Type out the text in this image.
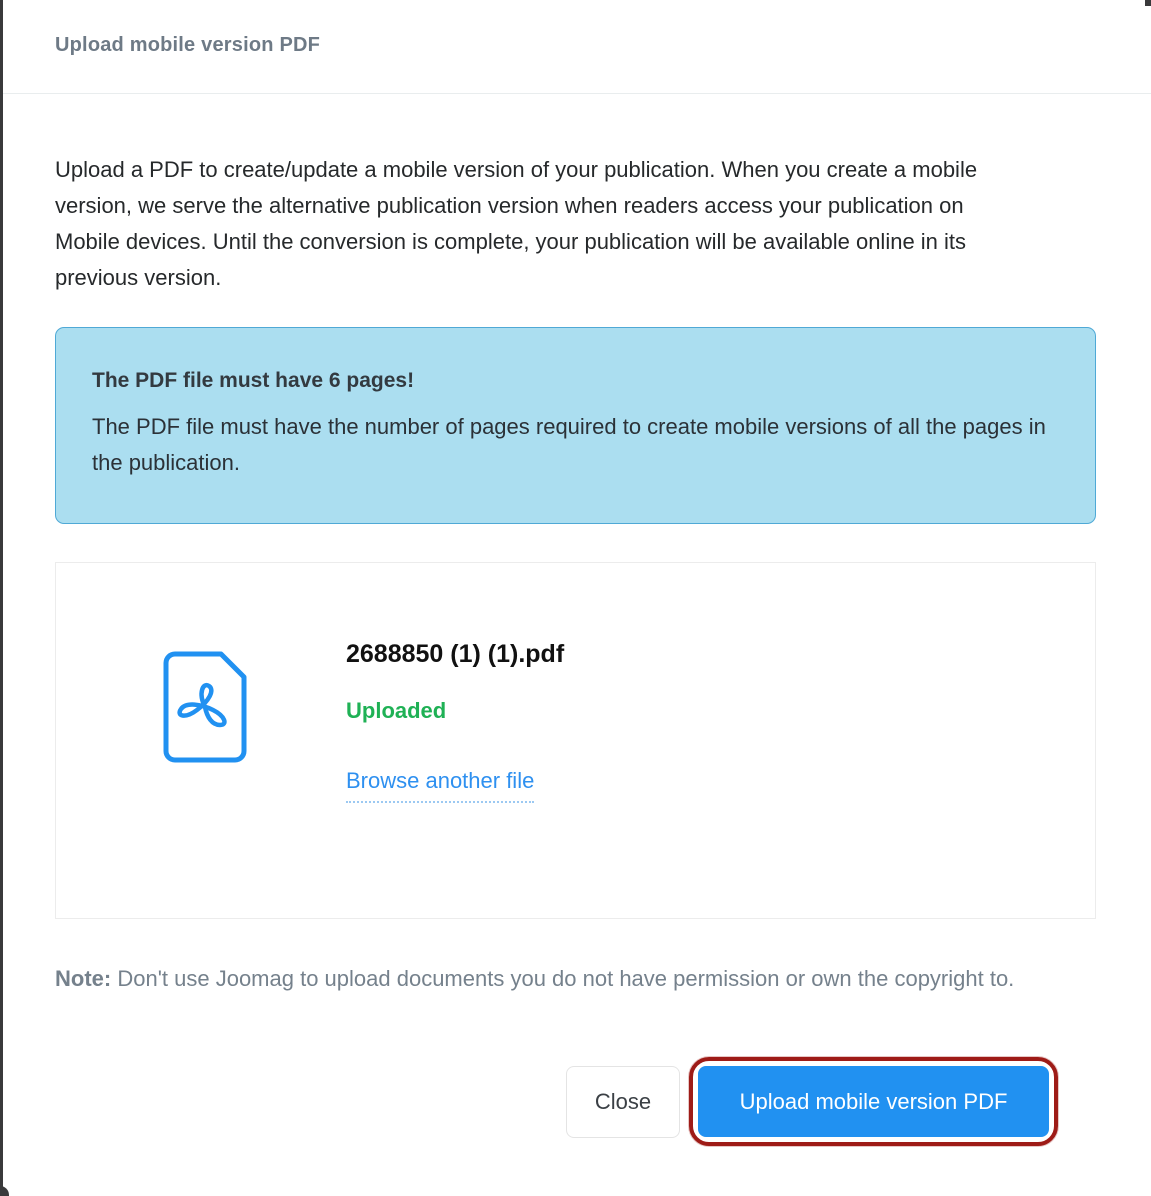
Upload mobile version PDF

Upload a PDF to create/update a mobile version of your publication. When you create a mobile version, we serve the alternative publication version when readers access your publication on Mobile devices. Until the conversion is complete, your publication will be available online in its previous version.

The PDF file must have 6 pages!
The PDF file must have the number of pages required to create mobile versions of all the pages in the publication.
2688850 (1) (1).pdf
Uploaded
Browse another file

Note: Don't use Joomag to upload documents you do not have permission or own the copyright to.

Close	Upload mobile version PDF
